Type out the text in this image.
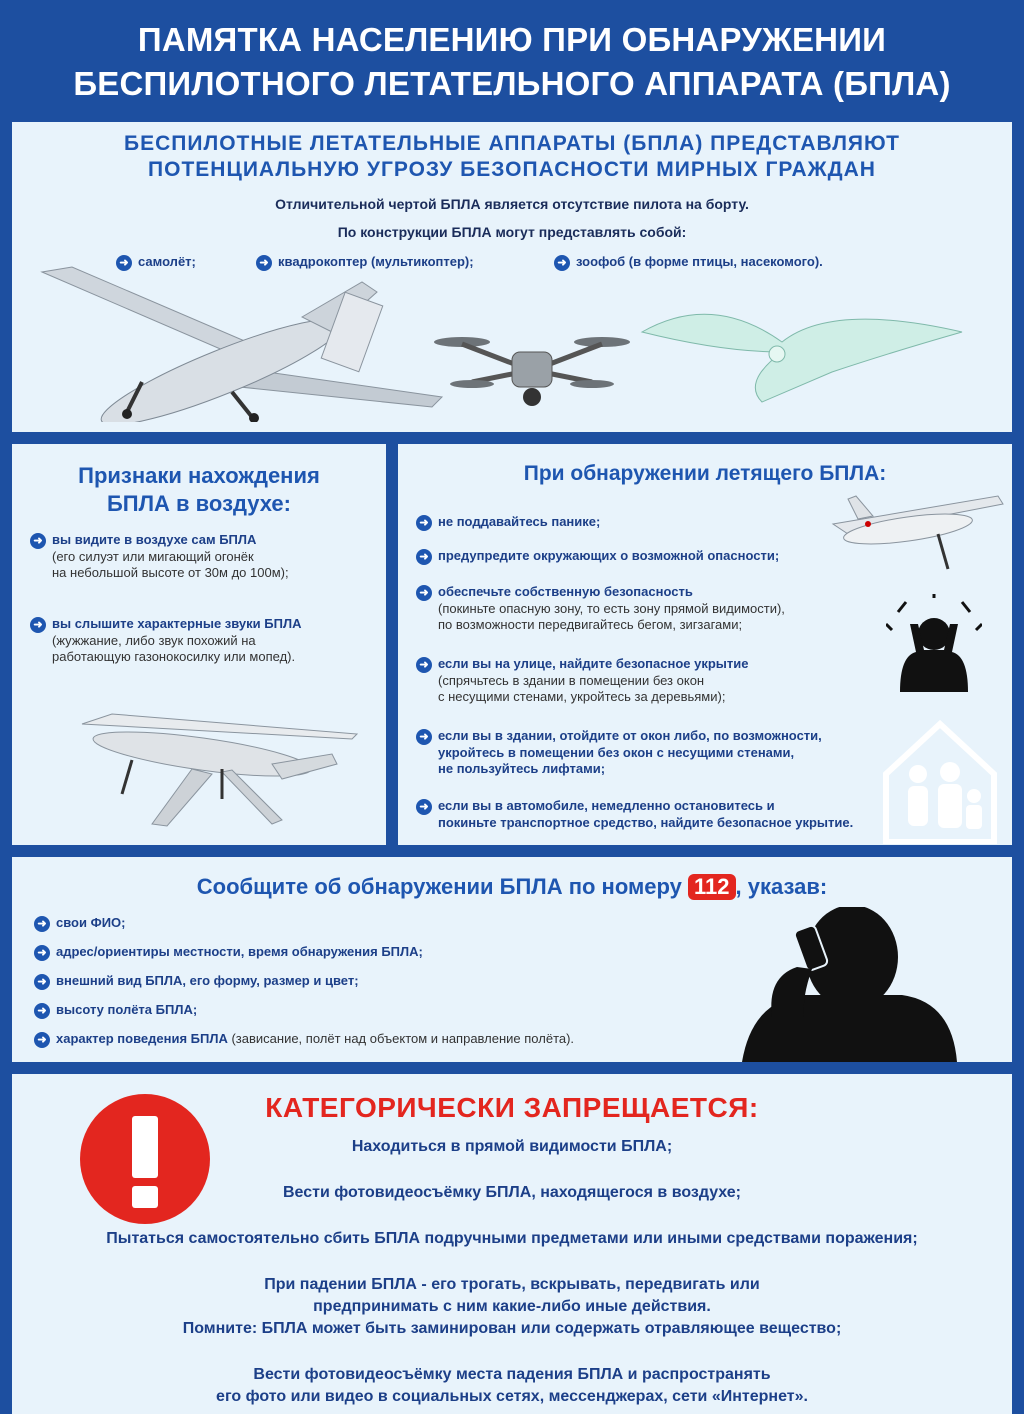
ПАМЯТКА НАСЕЛЕНИЮ ПРИ ОБНАРУЖЕНИИ
БЕСПИЛОТНОГО ЛЕТАТЕЛЬНОГО АППАРАТА (БПЛА)
БЕСПИЛОТНЫЕ ЛЕТАТЕЛЬНЫЕ АППАРАТЫ (БПЛА) ПРЕДСТАВЛЯЮТ
ПОТЕНЦИАЛЬНУЮ УГРОЗУ БЕЗОПАСНОСТИ МИРНЫХ ГРАЖДАН
Отличительной чертой БПЛА является отсутствие пилота на борту.
По конструкции БПЛА могут представлять собой:
➜ самолёт;	➜ квадрокоптер (мультикоптер);	➜ зоофоб (в форме птицы, насекомого).
Признаки нахождения
БПЛА в воздухе:
➜ вы видите в воздухе сам БПЛА
(его силуэт или мигающий огонёк
на небольшой высоте от 30м до 100м);
➜ вы слышите характерные звуки БПЛА
(жужжание, либо звук похожий на
работающую газонокосилку или мопед).
При обнаружении летящего БПЛА:
➜ не поддавайтесь панике;
➜ предупредите окружающих о возможной опасности;
➜ обеспечьте собственную безопасность
(покиньте опасную зону, то есть зону прямой видимости),
по возможности передвигайтесь бегом, зигзагами;
➜ если вы на улице, найдите безопасное укрытие
(спрячьтесь в здании в помещении без окон
с несущими стенами, укройтесь за деревьями);
➜ если вы в здании, отойдите от окон либо, по возможности,
укройтесь в помещении без окон с несущими стенами,
не пользуйтесь лифтами;
➜ если вы в автомобиле, немедленно остановитесь и
покиньте транспортное средство, найдите безопасное укрытие.
Сообщите об обнаружении БПЛА по номеру 112 , указав:
➜ свои ФИО;
➜ адрес/ориентиры местности, время обнаружения БПЛА;
➜ внешний вид БПЛА, его форму, размер и цвет;
➜ высоту полёта БПЛА;
➜ характер поведения БПЛА (зависание, полёт над объектом и направление полёта).
КАТЕГОРИЧЕСКИ ЗАПРЕЩАЕТСЯ:
Находиться в прямой видимости БПЛА;
Вести фотовидеосъёмку БПЛА, находящегося в воздухе;
Пытаться самостоятельно сбить БПЛА подручными предметами или иными средствами поражения;
При падении БПЛА - его трогать, вскрывать, передвигать или
предпринимать с ним какие-либо иные действия.
Помните: БПЛА может быть заминирован или содержать отравляющее вещество;
Вести фотовидеосъёмку места падения БПЛА и распространять
его фото или видео в социальных сетях, мессенджерах, сети «Интернет».
